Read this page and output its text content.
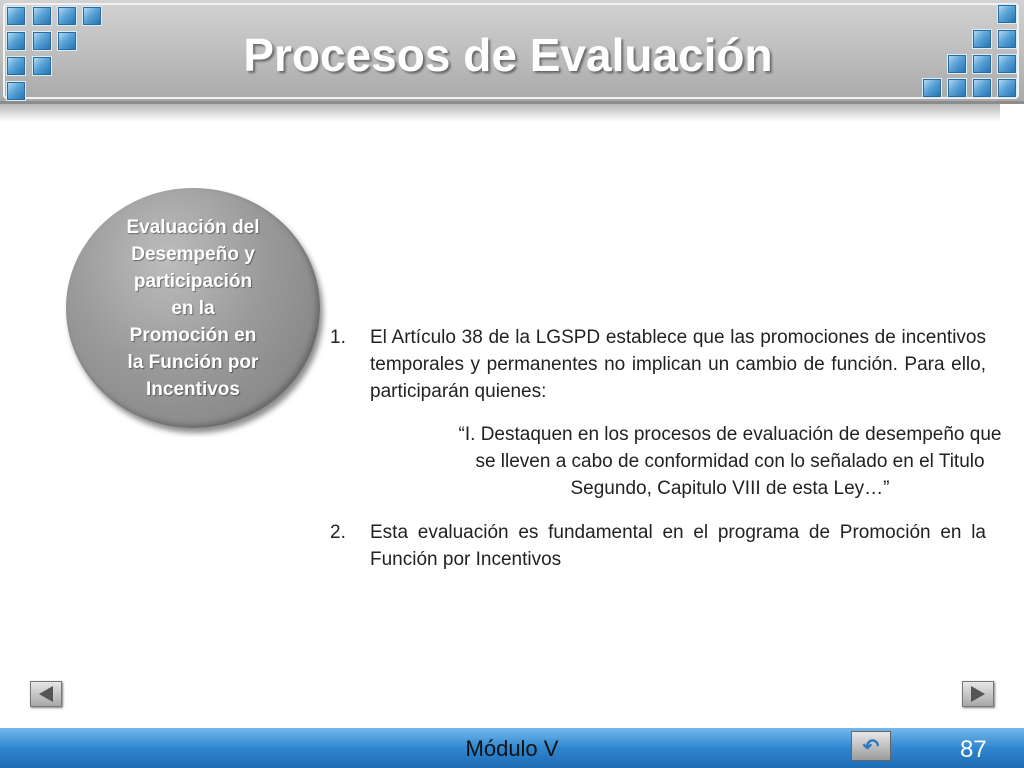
Procesos de Evaluación
Evaluación del
Desempeño y
participación
en la
Promoción en
la Función por
Incentivos
1. El Artículo 38 de la LGSPD establece que las promociones de incentivos temporales y permanentes no implican un cambio de función. Para ello, participarán quienes:

“I. Destaquen en los procesos de evaluación de desempeño que se lleven a cabo de conformidad con lo señalado en el Titulo Segundo, Capitulo VIII de esta Ley…”

2. Esta evaluación es fundamental en el programa de Promoción en la Función por Incentivos

Módulo V	↶	87
